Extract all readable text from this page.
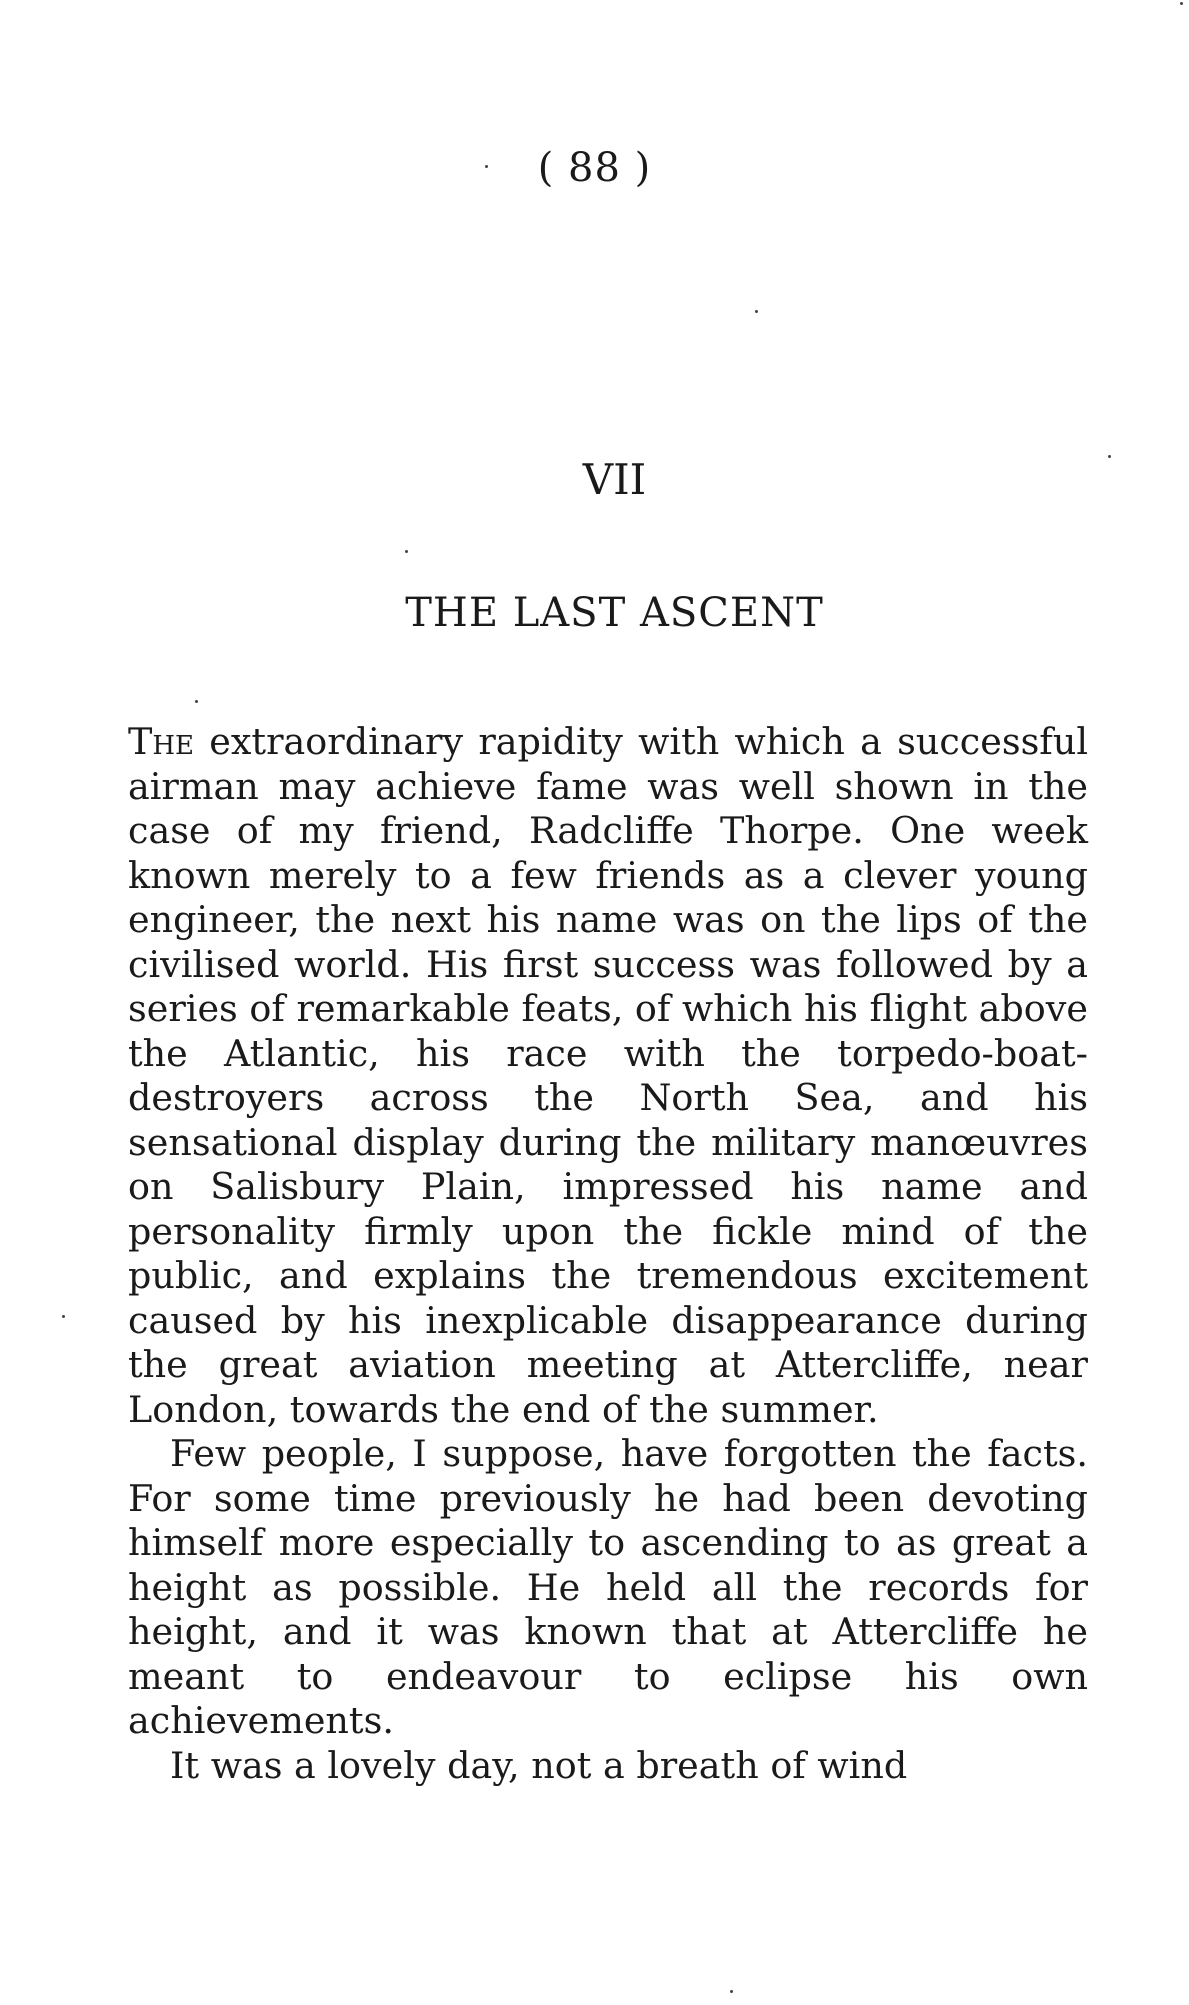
( 88 )
VII
THE LAST ASCENT

The extraordinary rapidity with which a successful airman may achieve fame was well shown in the case of my friend, Radcliffe Thorpe. One week known merely to a few friends as a clever young engineer, the next his name was on the lips of the civilised world. His first success was followed by a series of remarkable feats, of which his flight above the Atlantic, his race with the torpedo-boat-destroyers across the North Sea, and his sensational display during the military manœuvres on Salisbury Plain, impressed his name and personality firmly upon the fickle mind of the public, and explains the tremendous excitement caused by his inexplicable disappearance during the great aviation meeting at Attercliffe, near London, towards the end of the summer.

Few people, I suppose, have forgotten the facts. For some time previously he had been devoting himself more especially to ascending to as great a height as possible. He held all the records for height, and it was known that at Attercliffe he meant to endeavour to eclipse his own achievements.

It was a lovely day, not a breath of wind
